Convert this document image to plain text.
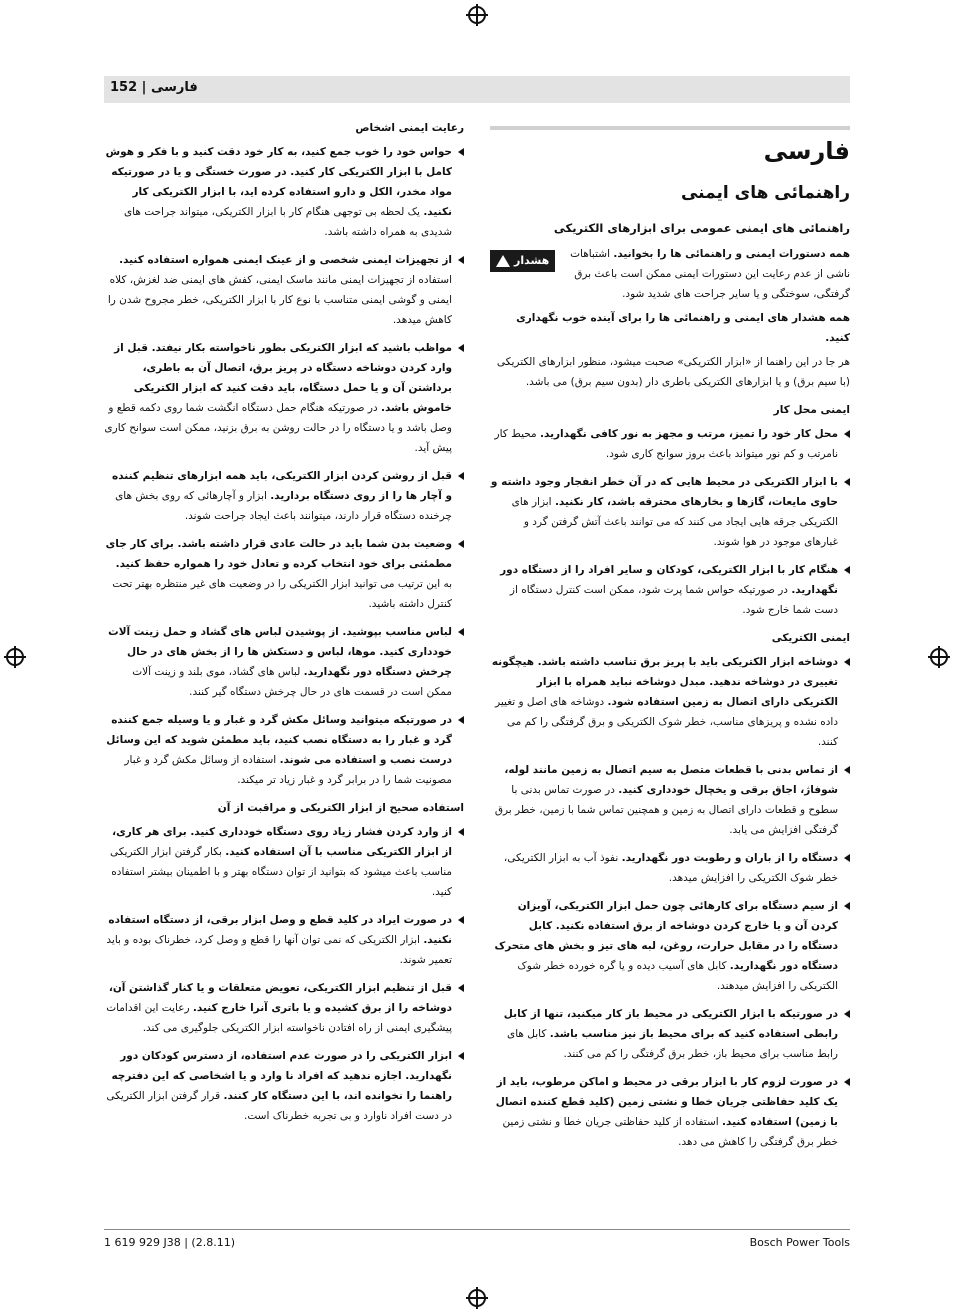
152 | فارسی
فارسی
راهنمائی های ایمنی
راهنمائی های ایمنی عمومی برای ابزارهای الکتریکی

همه دستورات ایمنی و راهنمائی ها را بخوانید. اشتباهات ناشی از عدم رعایت این دستورات ایمنی ممکن است باعث برق گرفتگی، سوختگی و یا سایر جراحت های شدید شود.

هشدار

همه هشدار های ایمنی و راهنمائی ها را برای آینده خوب نگهداری کنید.

هر جا در این راهنما از «ابزار الکتریکی» صحبت میشود، منظور ابزارهای الکتریکی (با سیم برق) و یا ابزارهای الکتریکی باطری دار (بدون سیم برق) می باشد.

ایمنی محل کار
محل کار خود را تمیز، مرتب و مجهز به نور کافی نگهدارید. محیط کار نامرتب و کم نور میتواند باعث بروز سوانح کاری شود.
با ابزار الکتریکی در محیط هایی که در آن خطر انفجار وجود داشته و حاوی مایعات، گازها و بخارهای محترقه باشد، کار نکنید. ابزار های الکتریکی جرقه هایی ایجاد می کنند که می توانند باعث آتش گرفتن گرد و غبارهای موجود در هوا شوند.
هنگام کار با ابزار الکتریکی، کودکان و سایر افراد را از دستگاه دور نگهدارید. در صورتیکه حواس شما پرت شود، ممکن است کنترل دستگاه از دست شما خارج شود.
ایمنی الکتریکی
دوشاخه ابزار الکتریکی باید با پریز برق تناسب داشته باشد. هیچگونه تغییری در دوشاخه ندهید. مبدل دوشاخه نباید همراه با ابزار الکتریکی دارای اتصال به زمین استفاده شود. دوشاخه های اصل و تغییر داده نشده و پریزهای مناسب، خطر شوک الکتریکی و برق گرفتگی را کم می کنند.
از تماس بدنی با قطعات متصل به سیم اتصال به زمین مانند لوله، شوفاژ، اجاق برقی و یخچال خودداری کنید. در صورت تماس بدنی با سطوح و قطعات دارای اتصال به زمین و همچنین تماس شما با زمین، خطر برق گرفتگی افزایش می یابد.
دستگاه را از باران و رطوبت دور نگهدارید. نفوذ آب به ابزار الکتریکی، خطر شوک الکتریکی را افزایش میدهد.
از سیم دستگاه برای کارهائی چون حمل ابزار الکتریکی، آویزان کردن آن و یا خارج کردن دوشاخه از برق استفاده نکنید. کابل دستگاه را در مقابل حرارت، روغن، لبه های تیز و بخش های متحرک دستگاه دور نگهدارید. کابل های آسیب دیده و یا گره خورده خطر شوک الکتریکی را افزایش میدهند.
در صورتیکه با ابزار الکتریکی در محیط باز کار میکنید، تنها از کابل رابطی استفاده کنید که برای محیط باز نیز مناسب باشد. کابل های رابط مناسب برای محیط باز، خطر برق گرفتگی را کم می کنند.
در صورت لزوم کار با ابزار برقی در محیط و اماکن مرطوب، باید از یک کلید حفاظتی جریان خطا و نشتی زمین (کلید قطع کننده اتصال با زمین) استفاده کنید. استفاده از کلید حفاظتی جریان خطا و نشتی زمین خطر برق گرفتگی را کاهش می دهد.
رعایت ایمنی اشخاص
حواس خود را خوب جمع کنید، به کار خود دقت کنید و با فکر و هوش کامل با ابزار الکتریکی کار کنید. در صورت خستگی و یا در صورتیکه مواد مخدر، الکل و دارو استفاده کرده اید، با ابزار الکتریکی کار نکنید. یک لحظه بی توجهی هنگام کار با ابزار الکتریکی، میتواند جراحت های شدیدی به همراه داشته باشد.
از تجهیزات ایمنی شخصی و از عینک ایمنی همواره استفاده کنید. استفاده از تجهیزات ایمنی مانند ماسک ایمنی، کفش های ایمنی ضد لغزش، کلاه ایمنی و گوشی ایمنی متناسب با نوع کار با ابزار الکتریکی، خطر مجروح شدن را کاهش میدهد.
مواظب باشید که ابزار الکتریکی بطور ناخواسته بکار نیفتد. قبل از وارد کردن دوشاخه دستگاه در پریز برق، اتصال آن به باطری، برداشتن آن و یا حمل دستگاه، باید دقت کنید که ابزار الکتریکی خاموش باشد. در صورتیکه هنگام حمل دستگاه انگشت شما روی دکمه قطع و وصل باشد و یا دستگاه را در حالت روشن به برق بزنید، ممکن است سوانح کاری پیش آید.
قبل از روشن کردن ابزار الکتریکی، باید همه ابزارهای تنظیم کننده و آچار ها را از روی دستگاه برداريد. ابزار و آچارهائی که روی بخش های چرخنده دستگاه قرار دارند، میتوانند باعث ایجاد جراحت شوند.
وضعیت بدن شما باید در حالت عادی قرار داشته باشد. برای کار جای مطمئنی برای خود انتخاب کرده و تعادل خود را همواره حفظ کنید. به این ترتیب می توانید ابزار الکتریکی را در وضعیت های غیر منتظره بهتر تحت کنترل داشته باشید.
لباس مناسب بپوشید. از پوشیدن لباس های گشاد و حمل زینت آلات خودداری کنید. موها، لباس و دستکش ها را از بخش های در حال چرخش دستگاه دور نگهدارید. لباس های گشاد، موی بلند و زینت آلات ممکن است در قسمت های در حال چرخش دستگاه گیر کنند.
در صورتیکه میتوانید وسائل مکش گرد و غبار و یا وسیله جمع کننده گرد و غبار را به دستگاه نصب کنید، باید مطمئن شوید که این وسائل درست نصب و استفاده می شوند. استفاده از وسائل مکش گرد و غبار مصونیت شما را در برابر گرد و غبار زیاد تر میکند.
استفاده صحیح از ابزار الکتریکی و مراقبت از آن
از وارد کردن فشار زیاد روی دستگاه خودداری کنید. برای هر کاری، از ابزار الکتریکی مناسب با آن استفاده کنید. بکار گرفتن ابزار الکتریکی مناسب باعث میشود که بتوانید از توان دستگاه بهتر و با اطمینان بیشتر استفاده کنید.
در صورت ایراد در کلید قطع و وصل ابزار برقی، از دستگاه استفاده نکنید. ابزار الکتریکی که نمی توان آنها را قطع و وصل کرد، خطرناک بوده و باید تعمیر شوند.
قبل از تنظیم ابزار الکتریکی، تعویض متعلقات و یا کنار گذاشتن آن، دوشاخه را از برق کشیده و یا باتری آنرا خارج کنید. رعایت این اقدامات پیشگیری ایمنی از راه افتادن ناخواسته ابزار الکتریکی جلوگیری می کند.
ابزار الکتریکی را در صورت عدم استفاده، از دسترس کودکان دور نگهدارید. اجازه ندهید که افراد نا وارد و یا اشخاصی که این دفترچه راهنما را نخوانده اند، با این دستگاه کار کنند. قرار گرفتن ابزار الکتریکی در دست افراد ناوارد و بی تجربه خطرناک است.
1 619 929 J38 | (2.8.11)	Bosch Power Tools
